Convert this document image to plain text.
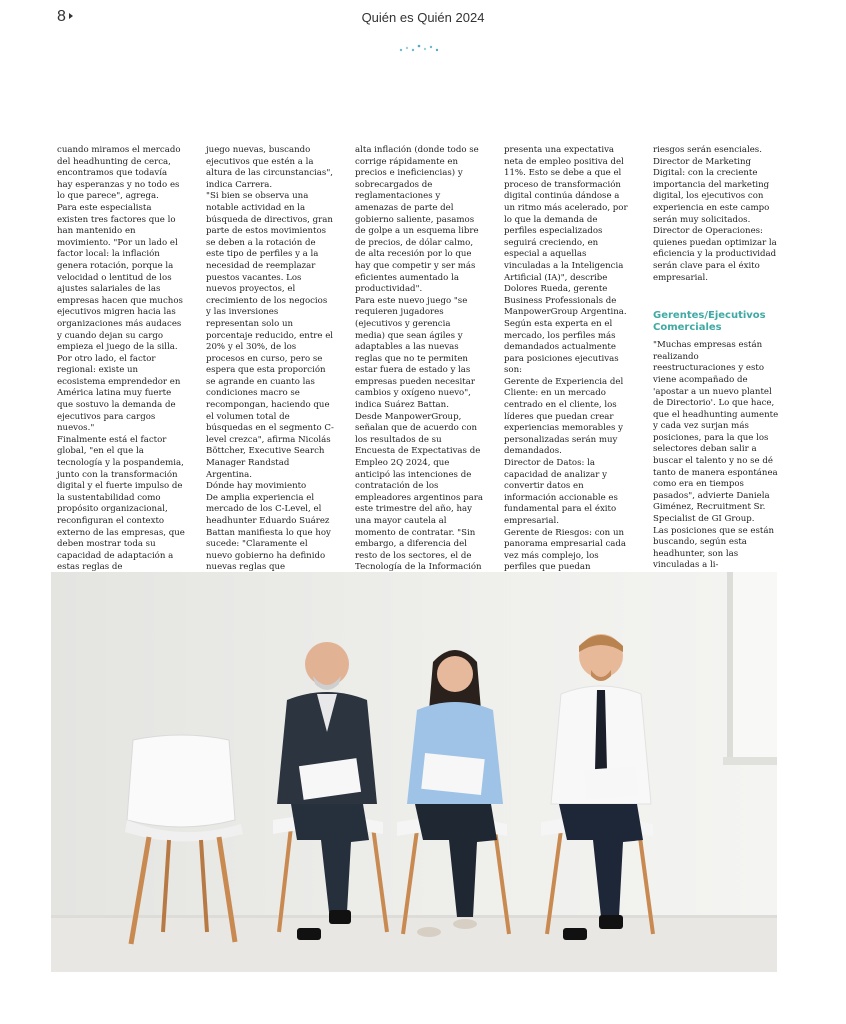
8	Quién es Quién 2024

cuando miramos el mercado del headhunting de cerca, encontramos que todavía hay esperanzas y no todo es lo que parece", agrega.

Para este especialista existen tres factores que lo han mantenido en movimiento. "Por un lado el factor local: la inflación genera rotación, porque la velocidad o lentitud de los ajustes salariales de las empresas hacen que muchos ejecutivos migren hacia las organizaciones más audaces y cuando dejan su cargo empieza el juego de la silla. Por otro lado, el factor regional: existe un ecosistema emprendedor en América latina muy fuerte que sostuvo la demanda de ejecutivos para cargos nuevos."

Finalmente está el factor global, "en el que la tecnología y la pospandemia, junto con la transformación digital y el fuerte impulso de la sustentabilidad como propósito organizacional, reconfiguran el contexto externo de las empresas, que deben mostrar toda su capacidad de adaptación a estas reglas de

juego nuevas, buscando ejecutivos que estén a la altura de las circunstancias", indica Carrera.

"Si bien se observa una notable actividad en la búsqueda de directivos, gran parte de estos movimientos se deben a la rotación de este tipo de perfiles y a la necesidad de reemplazar puestos vacantes. Los nuevos proyectos, el crecimiento de los negocios y las inversiones representan solo un porcentaje reducido, entre el 20% y el 30%, de los procesos en curso, pero se espera que esta proporción se agrande en cuanto las condiciones macro se recompongan, haciendo que el volumen total de búsquedas en el segmento C-level crezca", afirma Nicolás Böttcher, Executive Search Manager Randstad Argentina.

Dónde hay movimiento

De amplia experiencia el mercado de los C-Level, el headhunter Eduardo Suárez Battan manifiesta lo que hoy sucede: "Claramente el nuevo gobierno ha definido nuevas reglas que

alta inflación (donde todo se corrige rápidamente en precios e ineficiencias) y sobrecargados de reglamentaciones y amenazas de parte del gobierno saliente, pasamos de golpe a un esquema libre de precios, de dólar calmo, de alta recesión por lo que hay que competir y ser más eficientes aumentado la productividad".

Para este nuevo juego "se requieren jugadores (ejecutivos y gerencia media) que sean ágiles y adaptables a las nuevas reglas que no te permiten estar fuera de estado y las empresas pueden necesitar cambios y oxígeno nuevo", indica Suárez Battan.

Desde ManpowerGroup, señalan que de acuerdo con los resultados de su Encuesta de Expectativas de Empleo 2Q 2024, que anticipó las intenciones de contratación de los empleadores argentinos para este trimestre del año, hay una mayor cautela al momento de contratar. "Sin embargo, a diferencia del resto de los sectores, el de Tecnología de la Información

presenta una expectativa neta de empleo positiva del 11%. Esto se debe a que el proceso de transformación digital continúa dándose a un ritmo más acelerado, por lo que la demanda de perfiles especializados seguirá creciendo, en especial a aquellas vinculadas a la Inteligencia Artificial (IA)", describe Dolores Rueda, gerente Business Professionals de ManpowerGroup Argentina.

Según esta experta en el mercado, los perfiles más demandados actualmente para posiciones ejecutivas son:

Gerente de Experiencia del Cliente: en un mercado centrado en el cliente, los líderes que puedan crear experiencias memorables y personalizadas serán muy demandados.

Director de Datos: la capacidad de analizar y convertir datos en información accionable es fundamental para el éxito empresarial.

Gerente de Riesgos: con un panorama empresarial cada vez más complejo, los perfiles que puedan

riesgos serán esenciales.

Director de Marketing Digital: con la creciente importancia del marketing digital, los ejecutivos con experiencia en este campo serán muy solicitados.

Director de Operaciones: quienes puedan optimizar la eficiencia y la productividad serán clave para el éxito empresarial.

Gerentes/Ejecutivos Comerciales

"Muchas empresas están realizando reestructuraciones y esto viene acompañado de 'apostar a un nuevo plantel de Directorio'. Lo que hace, que el headhunting aumente y cada vez surjan más posiciones, para la que los selectores deban salir a buscar el talento y no se dé tanto de manera espontánea como era en tiempos pasados", advierte Daniela Giménez, Recruitment Sr. Specialist de GI Group.

Las posiciones que se están buscando, según esta headhunter, son las vinculadas a li-
